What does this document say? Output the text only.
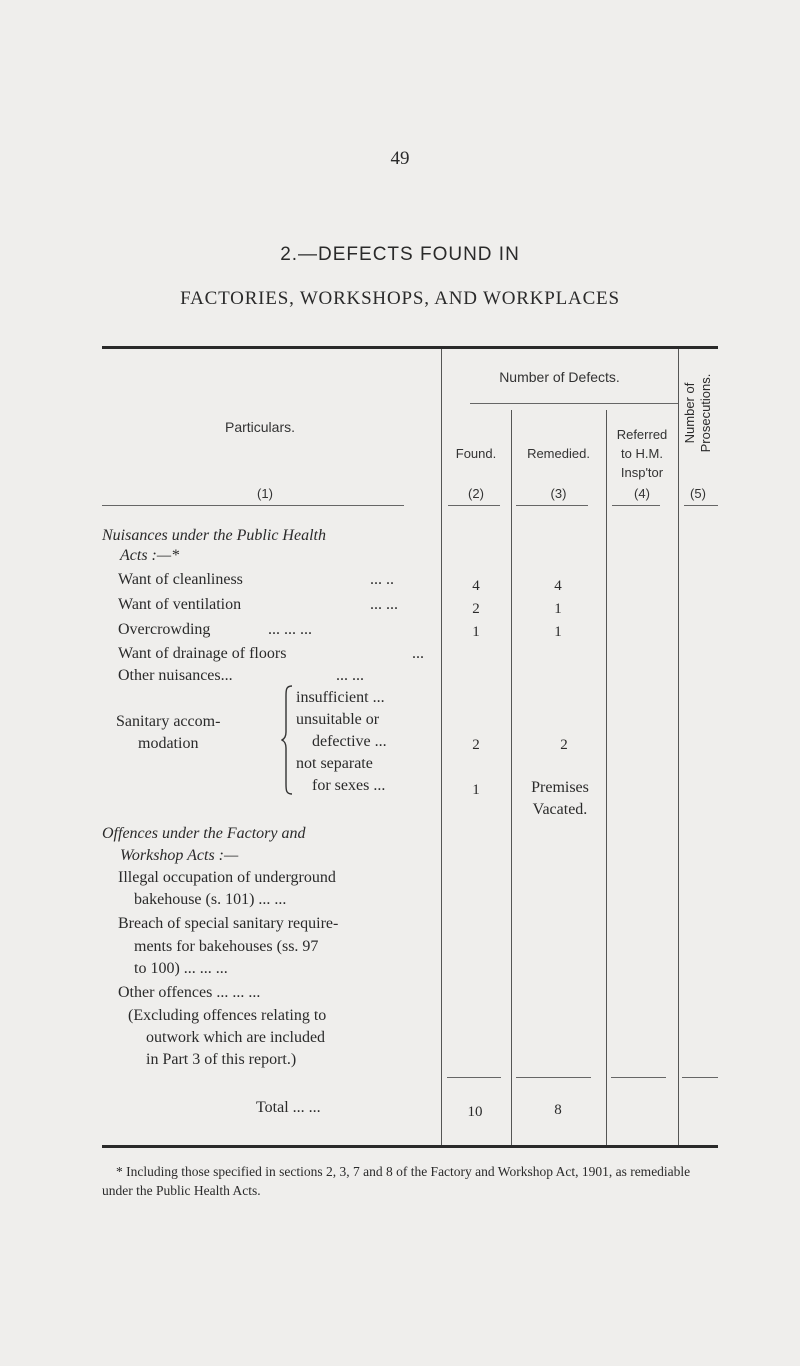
49
2.—DEFECTS FOUND IN
FACTORIES, WORKSHOPS, AND WORKPLACES
Particulars.
Number of Defects.
Found.	Remedied.
Referred
to H.M.
Insp'tor
Number of Prosecutions.
(1)	(2)	(3)	(4)	(5)
Nuisances under the Public Health
Acts :—*
Want of cleanliness	... ..	4	4
Want of ventilation	... ...	2	1
Overcrowding	... ... ...	1	1
Want of drainage of floors	...
Other nuisances...	... ...
Sanitary accom-
modation
insufficient ...
unsuitable or
defective ...	2	2
not separate
for sexes ...	1	Premises
Vacated.
Offences under the Factory and
Workshop Acts :—
Illegal occupation of underground
bakehouse (s. 101) ... ...
Breach of special sanitary require-
ments for bakehouses (ss. 97
to 100) ... ... ...
Other offences ... ... ...
(Excluding offences relating to
outwork which are included
in Part 3 of this report.)
Total ... ...	10	8
* Including those specified in sections 2, 3, 7 and 8 of the Factory and Workshop Act, 1901, as remediable under the Public Health Acts.
